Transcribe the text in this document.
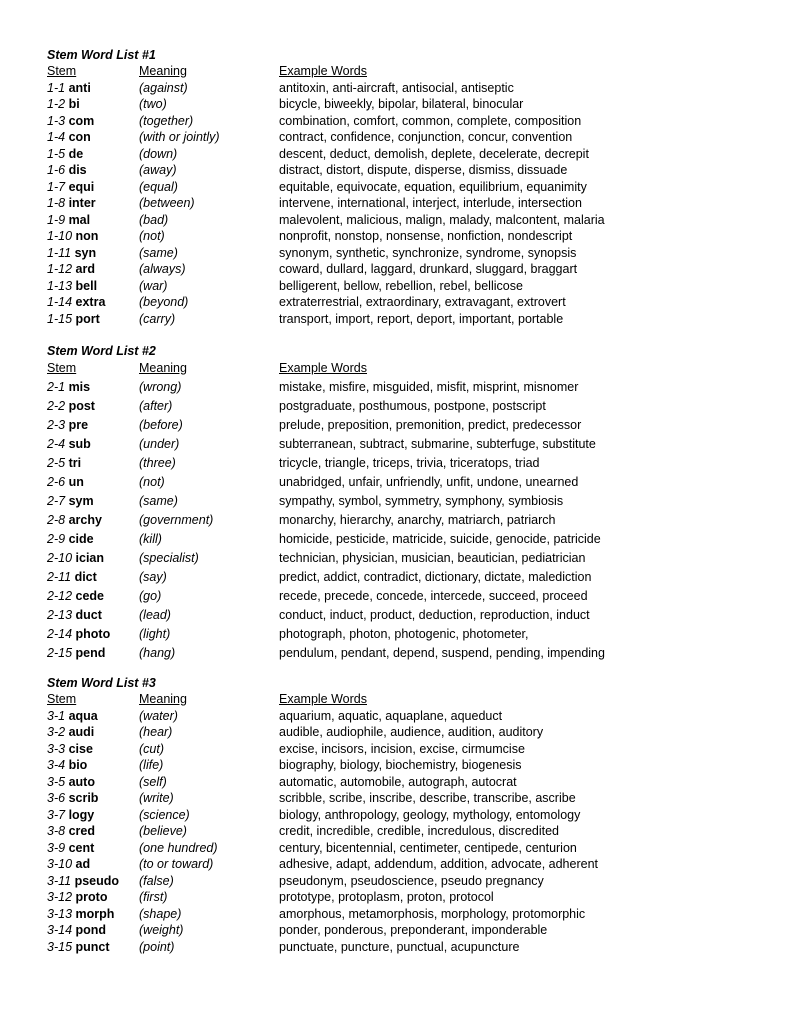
Stem Word List #1
Stem	Meaning	Example Words
1-1 anti	(against)	antitoxin, anti-aircraft, antisocial, antiseptic
1-2 bi	(two)	bicycle, biweekly, bipolar, bilateral, binocular
1-3 com	(together)	combination, comfort, common, complete, composition
1-4 con	(with or jointly)	contract, confidence, conjunction, concur, convention
1-5 de	(down)	descent, deduct, demolish, deplete, decelerate, decrepit
1-6 dis	(away)	distract, distort, dispute, disperse, dismiss, dissuade
1-7 equi	(equal)	equitable, equivocate, equation, equilibrium, equanimity
1-8 inter	(between)	intervene, international, interject, interlude, intersection
1-9 mal	(bad)	malevolent, malicious, malign, malady, malcontent, malaria
1-10 non	(not)	nonprofit, nonstop, nonsense, nonfiction, nondescript
1-11 syn	(same)	synonym, synthetic, synchronize, syndrome, synopsis
1-12 ard	(always)	coward, dullard, laggard, drunkard, sluggard, braggart
1-13 bell	(war)	belligerent, bellow, rebellion, rebel, bellicose
1-14 extra	(beyond)	extraterrestrial, extraordinary, extravagant, extrovert
1-15 port	(carry)	transport, import, report, deport, important, portable
Stem Word List #2
Stem	Meaning	Example Words
2-1 mis	(wrong)	mistake, misfire, misguided, misfit, misprint, misnomer
2-2 post	(after)	postgraduate, posthumous, postpone, postscript
2-3 pre	(before)	prelude, preposition, premonition, predict, predecessor
2-4 sub	(under)	subterranean, subtract, submarine, subterfuge, substitute
2-5 tri	(three)	tricycle, triangle, triceps, trivia, triceratops, triad
2-6 un	(not)	unabridged, unfair, unfriendly, unfit, undone, unearned
2-7 sym	(same)	sympathy, symbol, symmetry, symphony, symbiosis
2-8 archy	(government)	monarchy, hierarchy, anarchy, matriarch, patriarch
2-9 cide	(kill)	homicide, pesticide, matricide, suicide, genocide, patricide
2-10 ician	(specialist)	technician, physician, musician, beautician, pediatrician
2-11 dict	(say)	predict, addict, contradict, dictionary, dictate, malediction
2-12 cede	(go)	recede, precede, concede, intercede, succeed, proceed
2-13 duct	(lead)	conduct, induct, product, deduction, reproduction, induct
2-14 photo (light)	photograph, photon, photogenic, photometer,
2-15 pend	(hang)	pendulum, pendant, depend, suspend, pending, impending
Stem Word List #3
Stem	Meaning	Example Words
3-1 aqua	(water)	aquarium, aquatic, aquaplane, aqueduct
3-2 audi	(hear)	audible, audiophile, audience, audition, auditory
3-3 cise	(cut)	excise, incisors, incision, excise, cirmumcise
3-4 bio	(life)	biography, biology, biochemistry, biogenesis
3-5 auto	(self)	automatic, automobile, autograph, autocrat
3-6 scrib	(write)	scribble, scribe, inscribe, describe, transcribe, ascribe
3-7 logy	(science)	biology, anthropology, geology, mythology, entomology
3-8 cred	(believe)	credit, incredible, credible, incredulous, discredited
3-9 cent	(one hundred)	century, bicentennial, centimeter, centipede, centurion
3-10 ad	(to or toward)	adhesive, adapt, addendum, addition, advocate, adherent
3-11 pseudo (false)	pseudonym, pseudoscience, pseudo pregnancy
3-12 proto	(first)	prototype, protoplasm, proton, protocol
3-13 morph (shape)	amorphous, metamorphosis, morphology, protomorphic
3-14 pond	(weight)	ponder, ponderous, preponderant, imponderable
3-15 punct (point)	punctuate, puncture, punctual, acupuncture
